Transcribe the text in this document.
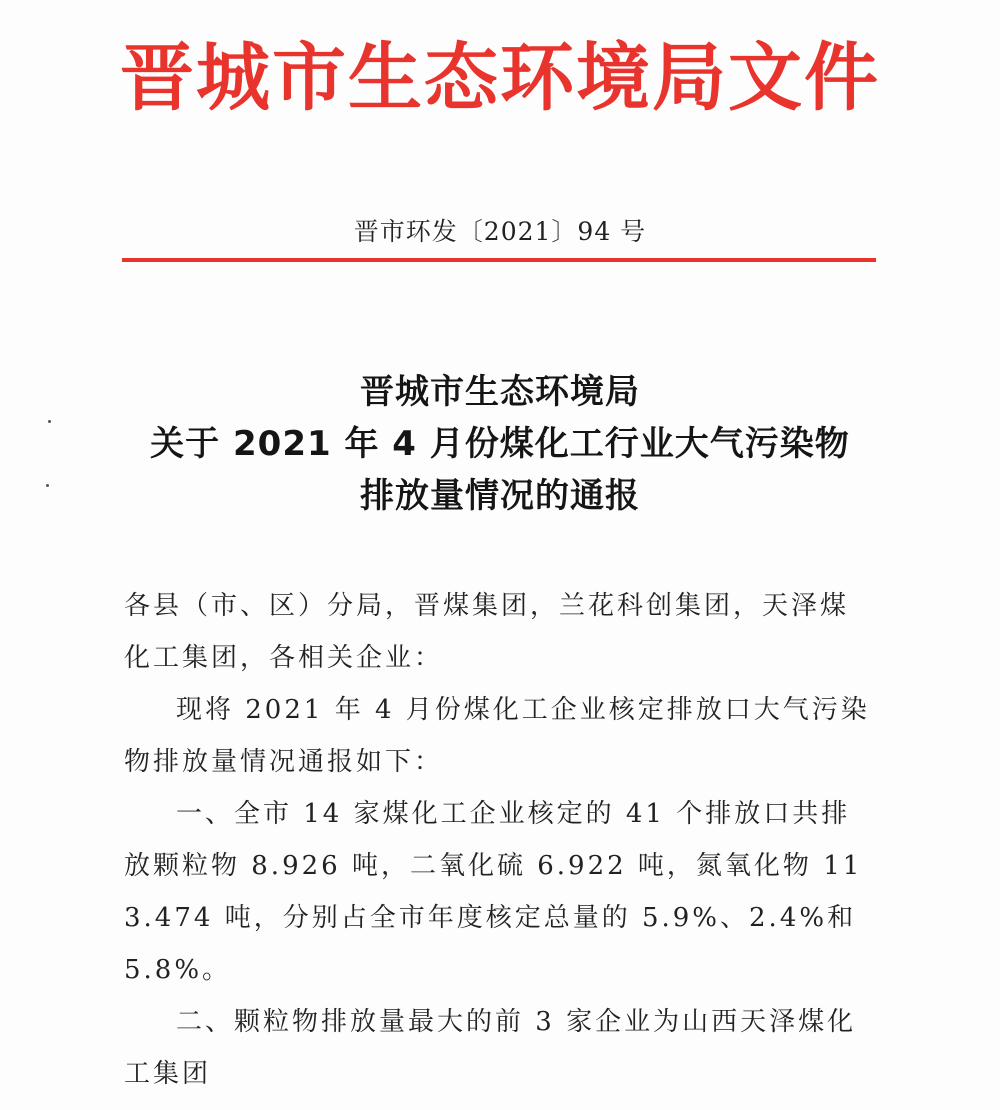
晋城市生态环境局文件
晋市环发〔2021〕94 号
晋城市生态环境局
关于 2021 年 4 月份煤化工行业大气污染物
排放量情况的通报

各县（市、区）分局，晋煤集团，兰花科创集团，天泽煤化工集团，各相关企业：

现将 2021 年 4 月份煤化工企业核定排放口大气污染物排放量情况通报如下：

一、全市 14 家煤化工企业核定的 41 个排放口共排放颗粒物 8.926 吨，二氧化硫 6.922 吨，氮氧化物 113.474 吨，分别占全市年度核定总量的 5.9%、2.4%和 5.8%。

二、颗粒物排放量最大的前 3 家企业为山西天泽煤化工集团
